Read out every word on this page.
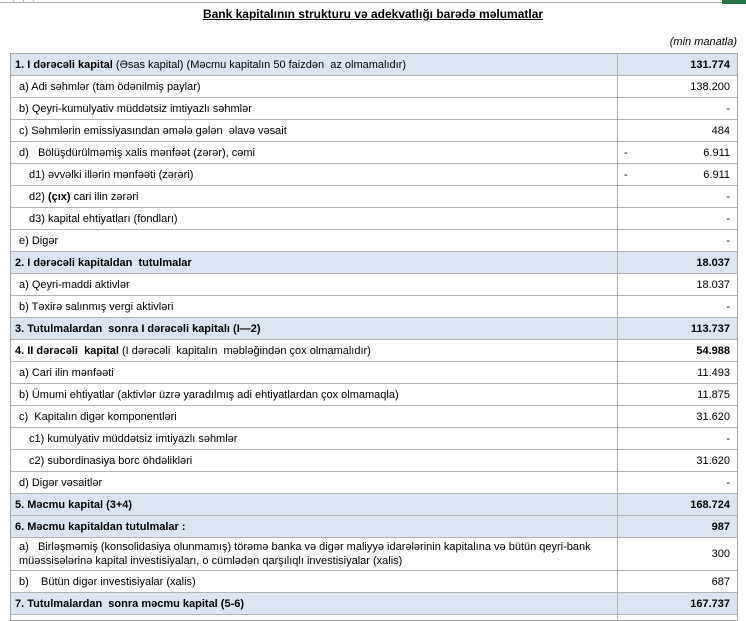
Bank kapitalının strukturu və adekvatlığı barədə məlumatlar
(min manatla)
1. I dərəcəli kapital (Əsas kapital) (Məcmu kapitalın 50 faizdən  az olmamalıdır)	131.774
a) Adi səhmlər (tam ödənilmiş paylar)	138.200
b) Qeyri-kumulyativ müddətsiz imtiyazlı səhmlər	-
c) Səhmlərin emissiyasından əmələ gələn  əlavə vəsait	484
d)   Bölüşdürülməmiş xalis mənfəət (zərər), cəmi	-	6.911
d1) əvvəlki illərin mənfəəti (zərəri)	-	6.911
d2) (çıx) cari ilin zərəri	-
d3) kapital ehtiyatları (fondları)	-
e) Digər	-
2. I dərəcəli kapitaldan  tutulmalar	18.037
a) Qeyri-maddi aktivlər	18.037
b) Təxirə salınmış vergi aktivləri	-
3. Tutulmalardan  sonra I dərəcəli kapitalı (I—2)	113.737
4. II dərəcəli  kapital (I dərəcəli  kapitalın  məbləğindən çox olmamalıdır)	54.988
a) Cari ilin mənfəəti	11.493
b) Ümumi ehtiyatlar (aktivlər üzrə yaradılmış adi ehtiyatlardan çox olmamaqla)	11.875
c)  Kapitalın digər komponentləri	31.620
c1) kumulyativ müddətsiz imtiyazlı səhmlər	-
c2) subordinasiya borc öhdəlikləri	31.620
d) Digər vəsaitlər	-
5. Məcmu kapital (3+4)	168.724
6. Məcmu kapitaldan tutulmalar :	987
a)   Birləşməmiş (konsolidasiya olunmamış) törəmə banka və digər maliyyə idarələrinin kapitalına və bütün qeyri-bank müəssisələrinə kapital investisiyaları, o cümlədən qarşılıqlı investisiyalar (xalis)
300
b)    Bütün digər investisiyalar (xalis)	687
7. Tutulmalardan  sonra məcmu kapital (5-6)	167.737
